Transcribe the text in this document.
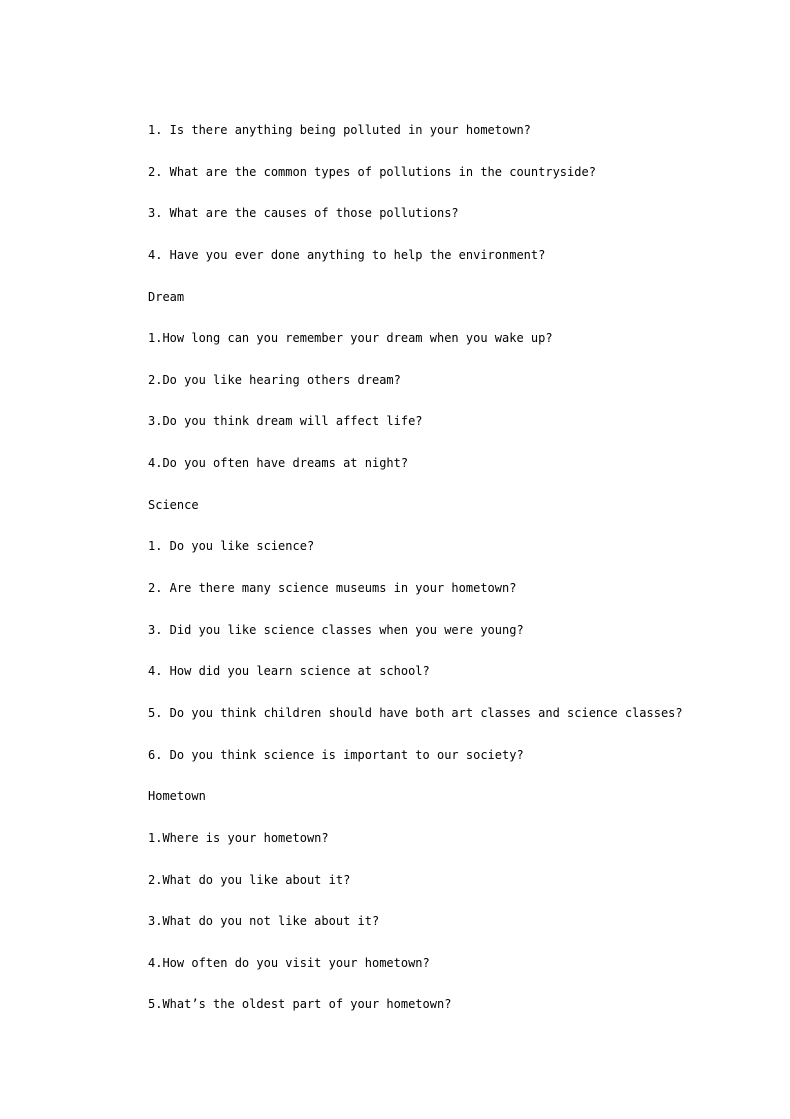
1. Is there anything being polluted in your hometown?
2. What are the common types of pollutions in the countryside?
3. What are the causes of those pollutions?
4. Have you ever done anything to help the environment?
Dream
1.How long can you remember your dream when you wake up?
2.Do you like hearing others dream?
3.Do you think dream will affect life?
4.Do you often have dreams at night?
Science
1. Do you like science?
2. Are there many science museums in your hometown?
3. Did you like science classes when you were young?
4. How did you learn science at school?
5. Do you think children should have both art classes and science classes?
6. Do you think science is important to our society?
Hometown
1.Where is your hometown?
2.What do you like about it?
3.What do you not like about it?
4.How often do you visit your hometown?
5.What’s the oldest part of your hometown?
